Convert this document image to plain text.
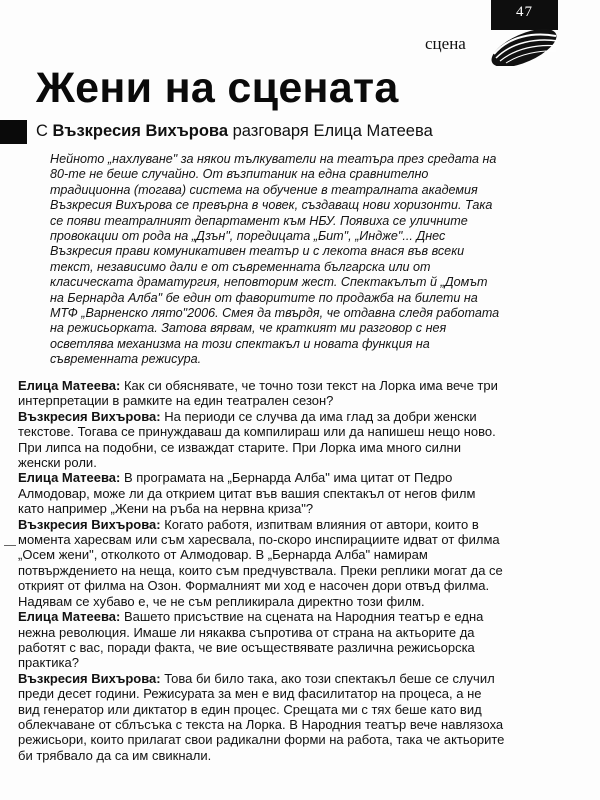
47
сцена
Жени на сцената
С Възкресия Вихърова разговаря Елица Матеева

Нейното „нахлуване" за някои тълкуватели на театъра през средата на
80-те не беше случайно. От възпитаник на една сравнително
традиционна (тогава) система на обучение в театралната академия
Възкресия Вихърова се превърна в човек, създаващ нови хоризонти. Така
се появи театралният департамент към НБУ. Появиха се уличните
провокации от рода на „Дзън", поредицата „Бит", „Индже"... Днес
Възкресия прави комуникативен театър и с лекота внася във всеки
текст, независимо дали е от съвременната българска или от
класическата драматургия, неповторим жест. Спектакълът й „Домът
на Бернарда Алба" бе един от фаворитите по продажба на билети на
МТФ „Варненско лято"2006. Смея да твърдя, че отдавна следя работата
на режисьорката. Затова вярвам, че краткият ми разговор с нея
осветлява механизма на този спектакъл и новата функция на
съвременната режисура.

Елица Матеева: Как си обяснявате, че точно този текст на Лорка има вече три
интерпретации в рамките на един театрален сезон?
Възкресия Вихърова: На периоди се случва да има глад за добри женски
текстове. Тогава се принуждаваш да компилираш или да напишеш нещо ново.
При липса на подобни, се изваждат старите. При Лорка има много силни
женски роли.
Елица Матеева: В програмата на „Бернарда Алба" има цитат от Педро
Алмодовар, може ли да открием цитат във вашия спектакъл от негов филм
като например „Жени на ръба на нервна криза"?
Възкресия Вихърова: Когато работя, изпитвам влияния от автори, които в
момента харесвам или съм харесвала, по-скоро инспирациите идват от филма
„Осем жени", отколкото от Алмодовар. В „Бернарда Алба" намирам
потвърждението на неща, които съм предчувствала. Преки реплики могат да се
открият от филма на Озон. Формалният ми ход е насочен дори отвъд филма.
Надявам се хубаво е, че не съм репликирала директно този филм.
Елица Матеева: Вашето присъствие на сцената на Народния театър е една
нежна революция. Имаше ли някаква съпротива от страна на актьорите да
работят с вас, поради факта, че вие осъществявате различна режисьорска
практика?
Възкресия Вихърова: Това би било така, ако този спектакъл беше се случил
преди десет години. Режисурата за мен е вид фасилитатор на процеса, а не
вид генератор или диктатор в един процес. Срещата ми с тях беше като вид
облекчаване от сблъсъка с текста на Лорка. В Народния театър вече навлязоха
режисьори, които прилагат свои радикални форми на работа, така че актьорите
би трябвало да са им свикнали.
